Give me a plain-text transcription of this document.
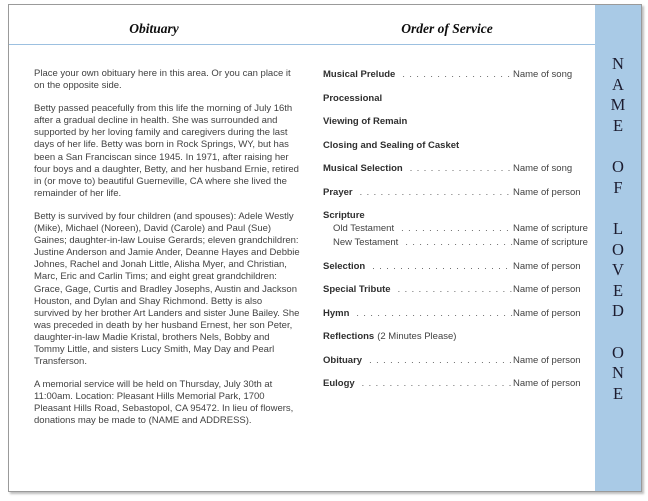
Obituary	Order of Service

Place your own obituary here in this area. Or you can place it on the opposite side.

Betty passed peacefully from this life the morning of July 16th after a gradual decline in health. She was surrounded and supported by her loving family and caregivers during the last days of her life. Betty was born in Rock Springs, WY, but has been a San Franciscan since 1945. In 1971, after raising her four boys and a daughter, Betty, and her husband Ernie, retired in (or move to) beautiful Guerneville, CA where she lived the remainder of her life.

Betty is survived by four children (and spouses): Adele Westly (Mike), Michael (Noreen), David (Carole) and Paul (Sue) Gaines; daughter-in-law Louise Gerards; eleven grandchildren: Justine Anderson and Jamie Ander, Deanne Hayes and Debbie Johnes, Rachel and Jonah Little, Alisha Myer, and Christian, Marc, Eric and Carlin Tims; and eight great grandchildren: Grace, Gage, Curtis and Bradley Josephs, Austin and Jackson Houston, and Dylan and Shay Richmond. Betty is also survived by her brother Art Landers and sister June Bailey. She was preceded in death by her husband Ernest, her son Peter, daughter-in-law Madie Kristal, brothers Nels, Bobby and Tommy Little, and sisters Lucy Smith, May Day and Pearl Transferson.

A memorial service will be held on Thursday, July 30th at 11:00am. Location: Pleasant Hills Memorial Park, 1700 Pleasant Hills Road, Sebastopol, CA 95472. In lieu of flowers, donations may be made to (NAME and ADDRESS).

Musical Prelude . . .	Name of song
Processional
Viewing of Remain
Closing and Sealing of Casket
Musical Selection . . .	Name of song
Prayer . . .	Name of person
Scripture
Old Testament . . .	Name of scripture
New Testament . . .	Name of scripture
Selection . . .	Name of person
Special Tribute . . .	Name of person
Hymn . . .	Name of person
Reflections (2 Minutes Please)
Obituary . . .	Name of person
Eulogy . . .	Name of person
N
A
M
E
O
F
L
O
V
E
D
O
N
E
